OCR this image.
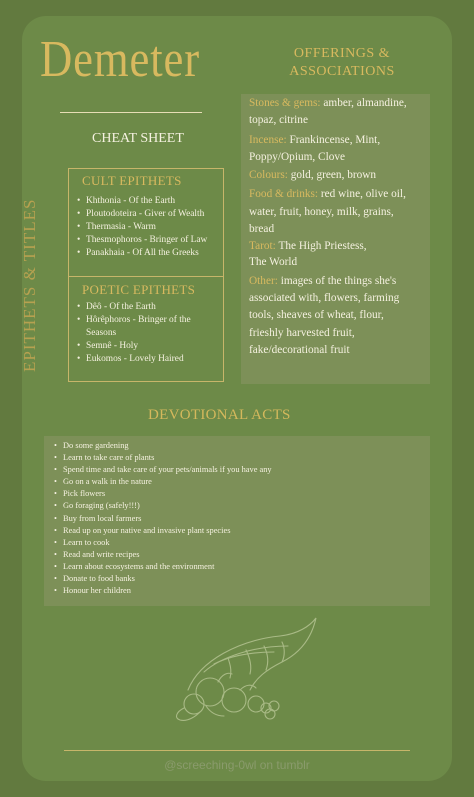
Demeter
CHEAT SHEET
EPITHETS & TITLES
CULT EPITHETS
• Khthonia - Of the Earth
• Ploutodoteira - Giver of Wealth
• Thermasia - Warm
• Thesmophoros - Bringer of Law
• Panakhaia - Of All the Greeks
POETIC EPITHETS
• Dêô - Of the Earth
• Hôrêphoros - Bringer of the Seasons
• Semnê - Holy
• Eukomos - Lovely Haired
OFFERINGS &
ASSOCIATIONS
Stones & gems: amber, almandine,
topaz, citrine
Incense: Frankincense, Mint,
Poppy/Opium, Clove
Colours: gold, green, brown
Food & drinks: red wine, olive oil,
water, fruit, honey, milk, grains,
bread
Tarot: The High Priestess,
The World
Other: images of the things she's
associated with, flowers, farming
tools, sheaves of wheat, flour,
frieshly harvested fruit,
fake/decorational fruit
DEVOTIONAL ACTS
• Do some gardening
• Learn to take care of plants
• Spend time and take care of your pets/animals if you have any
• Go on a walk in the nature
• Pick flowers
• Go foraging (safely!!!)
• Buy from local farmers
• Read up on your native and invasive plant species
• Learn to cook
• Read and write recipes
• Learn about ecosystems and the environment
• Donate to food banks
• Honour her children
@screeching-0wl on tumblr
